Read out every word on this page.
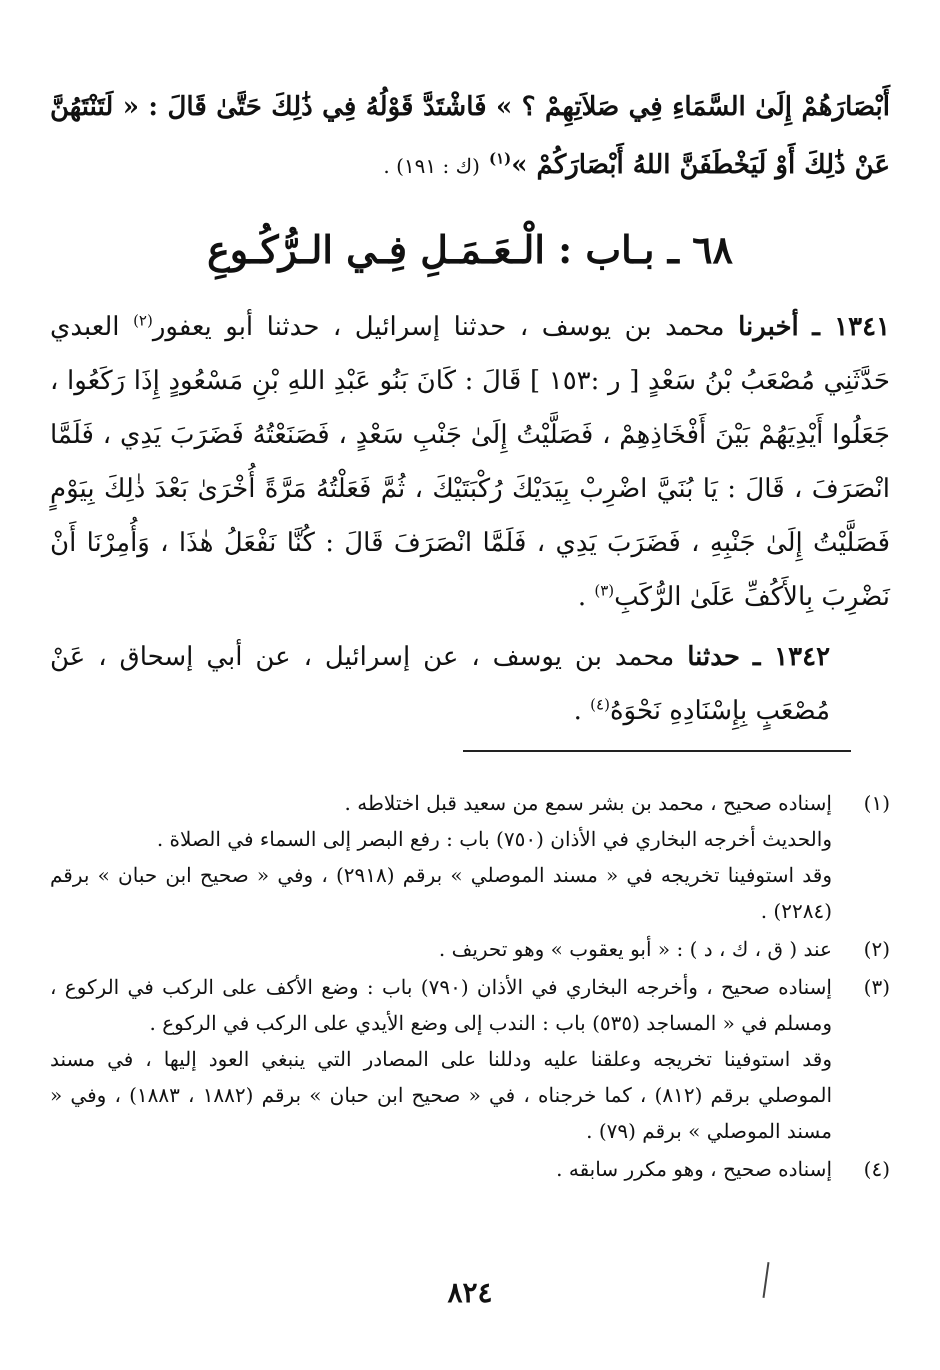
أَبْصَارَهُمْ إِلَىٰ السَّمَاءِ فِي صَلاَتِهِمْ ؟ » فَاشْتَدَّ قَوْلُهُ فِي ذَٰلِكَ حَتَّىٰ قَالَ : « لَتَنْتَهُنَّ عَنْ ذَٰلِكَ أَوْ لَيَخْطَفَنَّ اللهُ أَبْصَارَكُمْ »$^{(١)}$ (ك : ١٩١) .
٦٨ ـ بـاب : الْـعَـمَـلِ فِـي الـرُّكُـوعِ
١٣٤١ ـ أخبرنا محمد بن يوسف ، حدثنا إسرائيل ، حدثنا أبو يعفور$^{(٢)}$ العبدي حَدَّثَنِي مُصْعَبُ بْنُ سَعْدٍ [ ر :١٥٣ ] قَالَ : كَانَ بَنُو عَبْدِ اللهِ بْنِ مَسْعُودٍ إِذَا رَكَعُوا ، جَعَلُوا أَيْدِيَهُمْ بَيْنَ أَفْخَاذِهِمْ ، فَصَلَّيْتُ إِلَىٰ جَنْبِ سَعْدٍ ، فَصَنَعْتُهُ فَضَرَبَ يَدِي ، فَلَمَّا انْصَرَفَ ، قَالَ : يَا بُنَيَّ اضْرِبْ بِيَدَيْكَ رُكْبَتَيْكَ ، ثُمَّ فَعَلْتُهُ مَرَّةً أُخْرَىٰ بَعْدَ ذٰلِكَ بِيَوْمٍ فَصَلَّيْتُ إِلَىٰ جَنْبِهِ ، فَضَرَبَ يَدِي ، فَلَمَّا انْصَرَفَ قَالَ : كُنَّا نَفْعَلُ هٰذَا ، وَأُمِرْنَا أَنْ نَضْرِبَ بِالأَكُفِّ عَلَىٰ الرُّكَبِ$^{(٣)}$ .
١٣٤٢ ـ حدثنا محمد بن يوسف ، عن إسرائيل ، عن أبي إسحاق ، عَنْ مُصْعَبٍ بِإِسْنَادِهِ نَحْوَهُ$^{(٤)}$ .
(١)
إسناده صحيح ، محمد بن بشر سمع من سعيد قبل اختلاطه .
والحديث أخرجه البخاري في الأذان (٧٥٠) باب : رفع البصر إلى السماء في الصلاة .
وقد استوفينا تخريجه في « مسند الموصلي » برقم (٢٩١٨) ، وفي « صحيح ابن حبان » برقم (٢٢٨٤) .
(٢)
عند ( ق ، ك ، د ) : « أبو يعقوب » وهو تحريف .
(٣)
إسناده صحيح ، وأخرجه البخاري في الأذان (٧٩٠) باب : وضع الأكف على الركب في الركوع ، ومسلم في « المساجد (٥٣٥) باب : الندب إلى وضع الأيدي على الركب في الركوع .
وقد استوفينا تخريجه وعلقنا عليه ودللنا على المصادر التي ينبغي العود إليها ، في مسند الموصلي برقم (٨١٢) ، كما خرجناه ، في « صحيح ابن حبان » برقم (١٨٨٢ ، ١٨٨٣) ، وفي « مسند الموصلي » برقم (٧٩) .
(٤)
إسناده صحيح ، وهو مكرر سابقه .
٨٢٤
